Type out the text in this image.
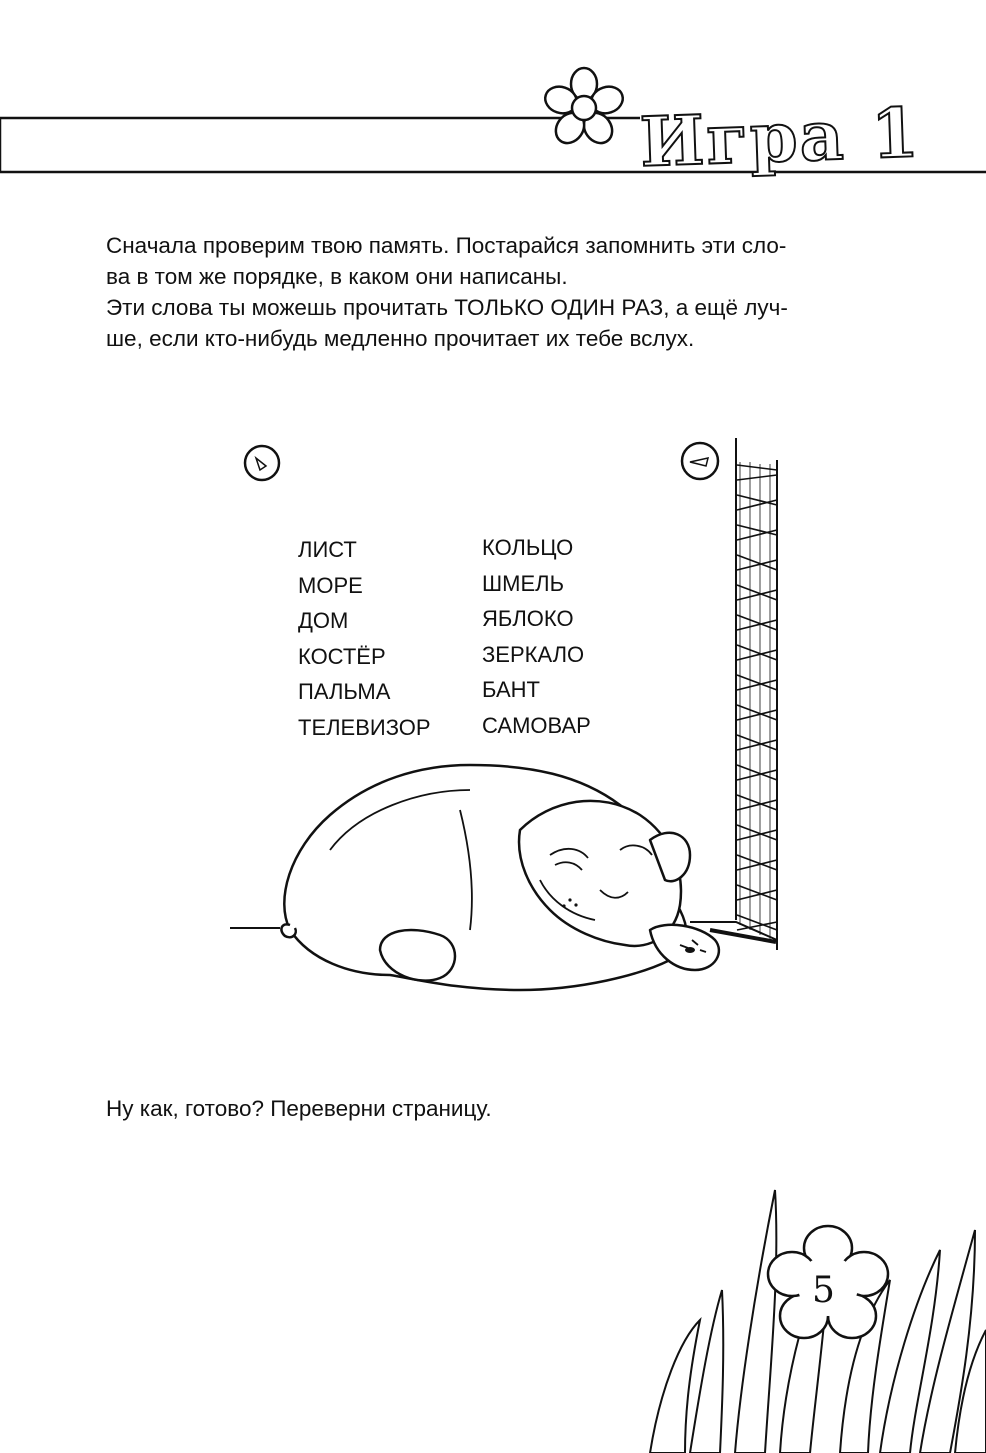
Игра 1

Сначала проверим твою память. Постарайся запомнить эти сло-
ва в том же порядке, в каком они написаны.
Эти слова ты можешь прочитать ТОЛЬКО ОДИН РАЗ, а ещё луч-
ше, если кто-нибудь медленно прочитает их тебе вслух.

ЛИСТ
МОРЕ
ДОМ
КОСТЁР
ПАЛЬМА
ТЕЛЕВИЗОР
КОЛЬЦО
ШМЕЛЬ
ЯБЛОКО
ЗЕРКАЛО
БАНТ
САМОВАР

Ну как, готово? Переверни страницу.

5
